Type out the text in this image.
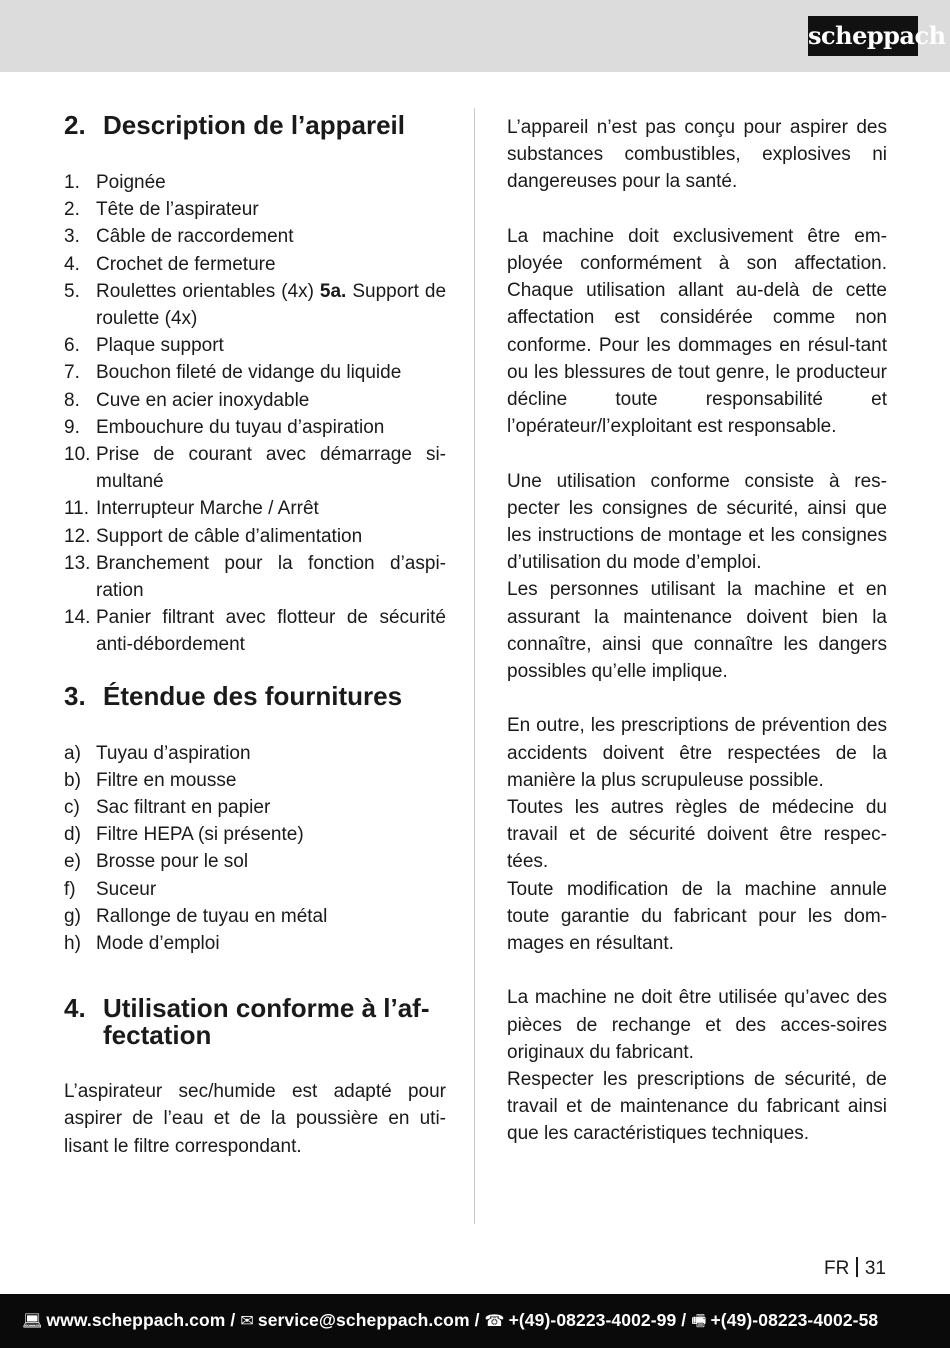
scheppach
2. Description de l’appareil
1. Poignée
2. Tête de l’aspirateur
3. Câble de raccordement
4. Crochet de fermeture
5. Roulettes orientables (4x) 5a. Support de roulette (4x)
6. Plaque support
7. Bouchon fileté de vidange du liquide
8. Cuve en acier inoxydable
9. Embouchure du tuyau d’aspiration
10. Prise de courant avec démarrage si-multané
11. Interrupteur Marche / Arrêt
12. Support de câble d’alimentation
13. Branchement pour la fonction d’aspi-ration
14. Panier filtrant avec flotteur de sécurité anti-débordement
3. Étendue des fournitures
a) Tuyau d’aspiration
b) Filtre en mousse
c) Sac filtrant en papier
d) Filtre HEPA (si présente)
e) Brosse pour le sol
f)	Suceur
g) Rallonge de tuyau en métal
h) Mode d’emploi
4. Utilisation conforme à l’af-fectation

L’aspirateur sec/humide est adapté pour aspirer de l’eau et de la poussière en uti-lisant le filtre correspondant.

L’appareil n’est pas conçu pour aspirer des substances combustibles, explosives ni dangereuses pour la santé.

La machine doit exclusivement être em-ployée conformément à son affectation. Chaque utilisation allant au-delà de cette affectation est considérée comme non conforme. Pour les dommages en résul-tant ou les blessures de tout genre, le producteur décline toute responsabilité et l’opérateur/l’exploitant est responsable.

Une utilisation conforme consiste à res-pecter les consignes de sécurité, ainsi que les instructions de montage et les consignes d’utilisation du mode d’emploi.

Les personnes utilisant la machine et en assurant la maintenance doivent bien la connaître, ainsi que connaître les dangers possibles qu’elle implique.

En outre, les prescriptions de prévention des accidents doivent être respectées de la manière la plus scrupuleuse possible.

Toutes les autres règles de médecine du travail et de sécurité doivent être respec-tées.

Toute modification de la machine annule toute garantie du fabricant pour les dom-mages en résultant.

La machine ne doit être utilisée qu’avec des pièces de rechange et des acces-soires originaux du fabricant.

Respecter les prescriptions de sécurité, de travail et de maintenance du fabricant ainsi que les caractéristiques techniques.

FR 31
💻︎ www.scheppach.com / ✉︎ service@scheppach.com / ☎︎ +(49)-08223-4002-99 / 🖷︎ +(49)-08223-4002-58
